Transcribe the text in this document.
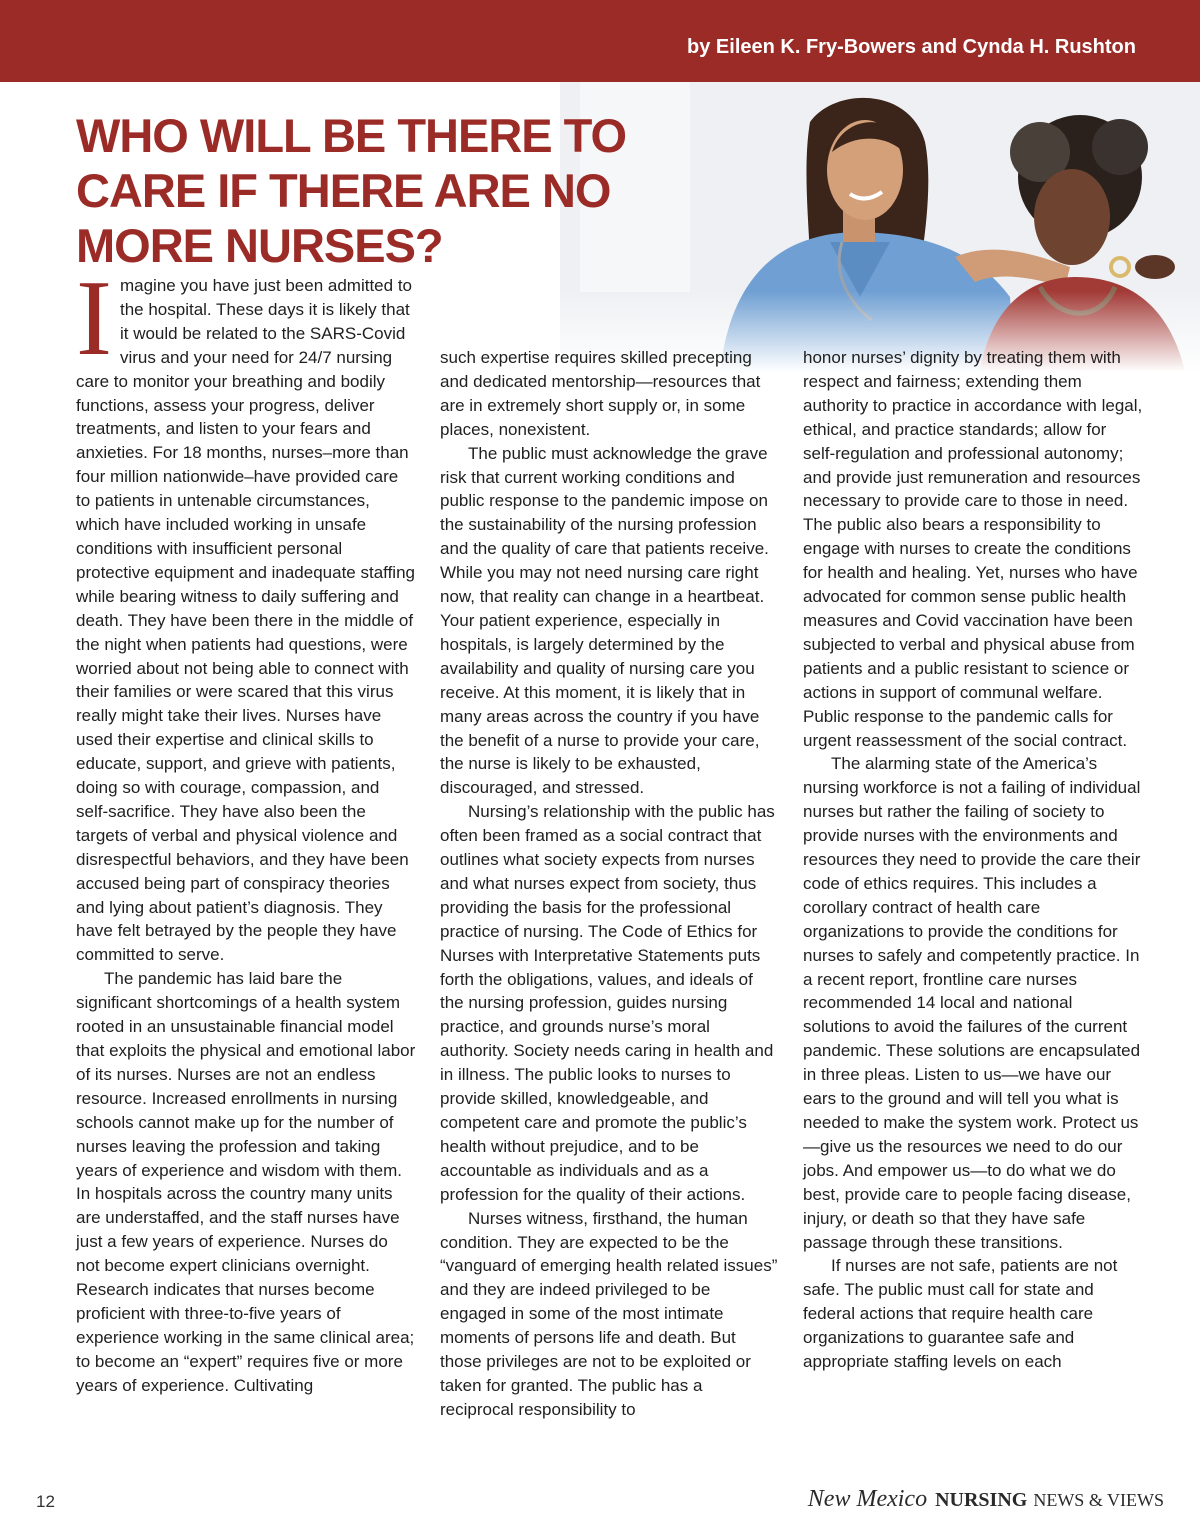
by Eileen K. Fry-Bowers and Cynda H. Rushton
WHO WILL BE THERE TO CARE IF THERE ARE NO MORE NURSES?

Imagine you have just been admitted to the hospital. These days it is likely that it would be related to the SARS-Covid virus and your need for 24/7 nursing care to monitor your breathing and bodily functions, assess your progress, deliver treatments, and listen to your fears and anxieties. For 18 months, nurses–more than four million nationwide–have provided care to patients in untenable circumstances, which have included working in unsafe conditions with insufficient personal protective equipment and inadequate staffing while bearing witness to daily suffering and death. They have been there in the middle of the night when patients had questions, were worried about not being able to connect with their families or were scared that this virus really might take their lives. Nurses have used their expertise and clinical skills to educate, support, and grieve with patients, doing so with courage, compassion, and self-sacrifice. They have also been the targets of verbal and physical violence and disrespectful behaviors, and they have been accused being part of conspiracy theories and lying about patient’s diagnosis. They have felt betrayed by the people they have committed to serve.

The pandemic has laid bare the significant shortcomings of a health system rooted in an unsustainable financial model that exploits the physical and emotional labor of its nurses. Nurses are not an endless resource. Increased enrollments in nursing schools cannot make up for the number of nurses leaving the profession and taking years of experience and wisdom with them. In hospitals across the country many units are understaffed, and the staff nurses have just a few years of experience. Nurses do not become expert clinicians overnight. Research indicates that nurses become proficient with three-to-five years of experience working in the same clinical area; to become an “expert” requires five or more years of experience. Cultivating

such expertise requires skilled precepting and dedicated mentorship—resources that are in extremely short supply or, in some places, nonexistent.

The public must acknowledge the grave risk that current working conditions and public response to the pandemic impose on the sustainability of the nursing profession and the quality of care that patients receive. While you may not need nursing care right now, that reality can change in a heartbeat. Your patient experience, especially in hospitals, is largely determined by the availability and quality of nursing care you receive. At this moment, it is likely that in many areas across the country if you have the benefit of a nurse to provide your care, the nurse is likely to be exhausted, discouraged, and stressed.

Nursing’s relationship with the public has often been framed as a social contract that outlines what society expects from nurses and what nurses expect from society, thus providing the basis for the professional practice of nursing. The Code of Ethics for Nurses with Interpretative Statements puts forth the obligations, values, and ideals of the nursing profession, guides nursing practice, and grounds nurse’s moral authority. Society needs caring in health and in illness. The public looks to nurses to provide skilled, knowledgeable, and competent care and promote the public’s health without prejudice, and to be accountable as individuals and as a profession for the quality of their actions.

Nurses witness, firsthand, the human condition. They are expected to be the “vanguard of emerging health related issues” and they are indeed privileged to be engaged in some of the most intimate moments of persons life and death. But those privileges are not to be exploited or taken for granted. The public has a reciprocal responsibility to

honor nurses’ dignity by treating them with respect and fairness; extending them authority to practice in accordance with legal, ethical, and practice standards; allow for self-regulation and professional autonomy; and provide just remuneration and resources necessary to provide care to those in need. The public also bears a responsibility to engage with nurses to create the conditions for health and healing. Yet, nurses who have advocated for common sense public health measures and Covid vaccination have been subjected to verbal and physical abuse from patients and a public resistant to science or actions in support of communal welfare. Public response to the pandemic calls for urgent reassessment of the social contract.

The alarming state of the America’s nursing workforce is not a failing of individual nurses but rather the failing of society to provide nurses with the environments and resources they need to provide the care their code of ethics requires. This includes a corollary contract of health care organizations to provide the conditions for nurses to safely and competently practice. In a recent report, frontline care nurses recommended 14 local and national solutions to avoid the failures of the current pandemic. These solutions are encapsulated in three pleas. Listen to us—we have our ears to the ground and will tell you what is needed to make the system work. Protect us—give us the resources we need to do our jobs. And empower us—to do what we do best, provide care to people facing disease, injury, or death so that they have safe passage through these transitions.

If nurses are not safe, patients are not safe. The public must call for state and federal actions that require health care organizations to guarantee safe and appropriate staffing levels on each

12	New Mexico NURSING NEWS & VIEWS
